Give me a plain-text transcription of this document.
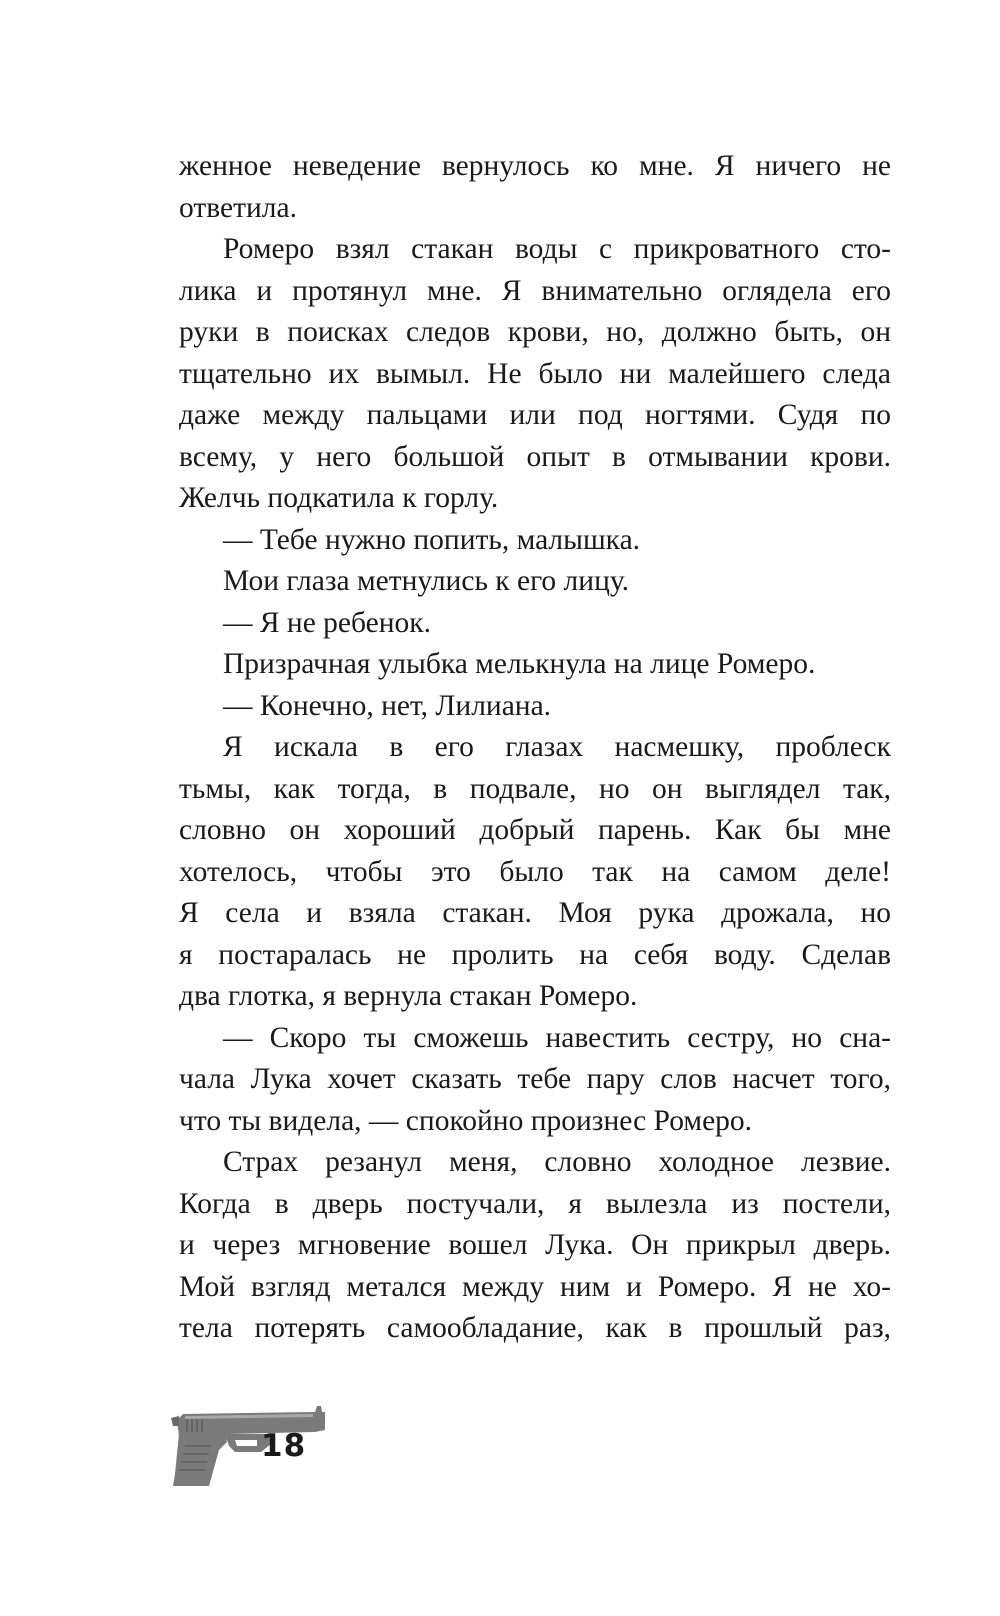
женное неведение вернулось ко мне. Я ничего не
ответила.
Ромеро взял стакан воды с прикроватного сто-
лика и протянул мне. Я внимательно оглядела его
руки в поисках следов крови, но, должно быть, он
тщательно их вымыл. Не было ни малейшего следа
даже между пальцами или под ногтями. Судя по
всему, у него большой опыт в отмывании крови.
Желчь подкатила к горлу.
— Тебе нужно попить, малышка.
Мои глаза метнулись к его лицу.
— Я не ребенок.
Призрачная улыбка мелькнула на лице Ромеро.
— Конечно, нет, Лилиана.
Я искала в его глазах насмешку, проблеск
тьмы, как тогда, в подвале, но он выглядел так,
словно он хороший добрый парень. Как бы мне
хотелось, чтобы это было так на самом деле!
Я села и взяла стакан. Моя рука дрожала, но
я постаралась не пролить на себя воду. Сделав
два глотка, я вернула стакан Ромеро.
— Скоро ты сможешь навестить сестру, но сна-
чала Лука хочет сказать тебе пару слов насчет того,
что ты видела, — спокойно произнес Ромеро.
Страх резанул меня, словно холодное лезвие.
Когда в дверь постучали, я вылезла из постели,
и через мгновение вошел Лука. Он прикрыл дверь.
Мой взгляд метался между ним и Ромеро. Я не хо-
тела потерять самообладание, как в прошлый раз,
18
